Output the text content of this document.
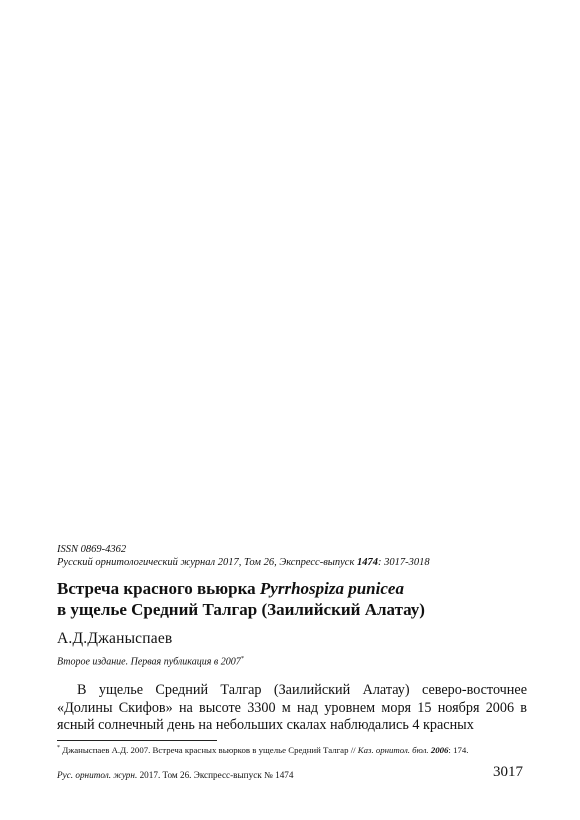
ISSN 0869-4362
Русский орнитологический журнал 2017, Том 26, Экспресс-выпуск 1474: 3017-3018
Встреча красного вьюрка Pyrrhospiza punicea
в ущелье Средний Талгар (Заилийский Алатау)
А.Д.Джаныспаев
Второе издание. Первая публикация в 2007*

В ущелье Средний Талгар (Заилийский Алатау) северо-восточнее «Долины Скифов» на высоте 3300 м над уровнем моря 15 ноября 2006 в ясный солнечный день на небольших скалах наблюдались 4 красных

* Джаныспаев А.Д. 2007. Встреча красных вьюрков в ущелье Средний Талгар // Каз. орнитол. бюл. 2006: 174.
Рус. орнитол. журн. 2017. Том 26. Экспресс-выпуск № 1474	3017
